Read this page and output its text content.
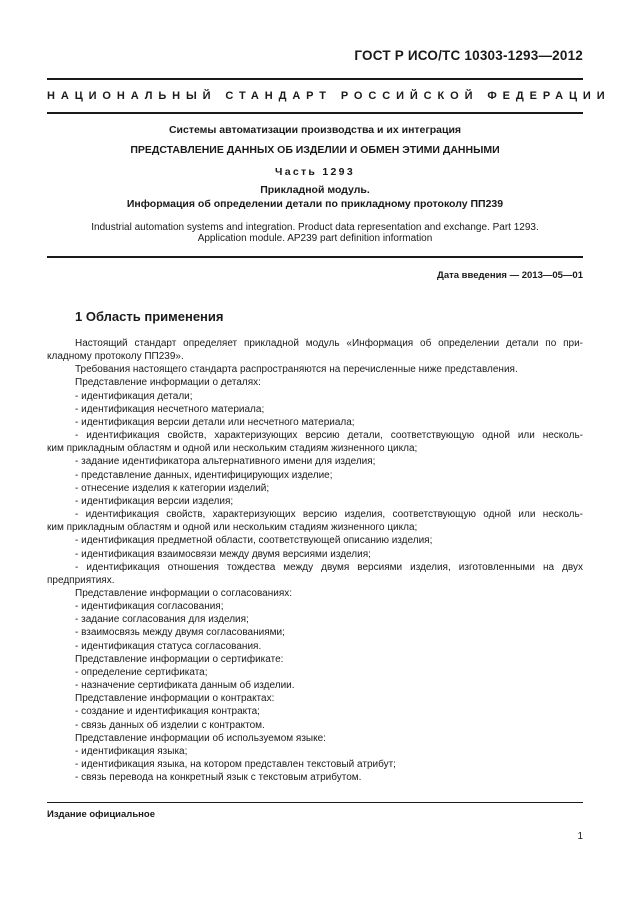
ГОСТ Р ИСО/ТС 10303-1293—2012
НАЦИОНАЛЬНЫЙ СТАНДАРТ РОССИЙСКОЙ ФЕДЕРАЦИИ
Системы автоматизации производства и их интеграция
ПРЕДСТАВЛЕНИЕ ДАННЫХ ОБ ИЗДЕЛИИ И ОБМЕН ЭТИМИ ДАННЫМИ
Часть 1293
Прикладной модуль.
Информация об определении детали по прикладному протоколу ПП239
Industrial automation systems and integration. Product data representation and exchange. Part 1293.
Application module. AP239 part definition information
Дата введения — 2013—05—01
1 Область применения
Настоящий стандарт определяет прикладной модуль «Информация об определении детали по при-
кладному протоколу ПП239».
Требования настоящего стандарта распространяются на перечисленные ниже представления.
Представление информации о деталях:
- идентификация детали;
- идентификация несчетного материала;
- идентификация версии детали или несчетного материала;
- идентификация свойств, характеризующих версию детали, соответствующую одной или несколь-
ким прикладным областям и одной или нескольким стадиям жизненного цикла;
- задание идентификатора альтернативного имени для изделия;
- представление данных, идентифицирующих изделие;
- отнесение изделия к категории изделий;
- идентификация версии изделия;
- идентификация свойств, характеризующих версию изделия, соответствующую одной или несколь-
ким прикладным областям и одной или нескольким стадиям жизненного цикла;
- идентификация предметной области, соответствующей описанию изделия;
- идентификация взаимосвязи между двумя версиями изделия;
- идентификация отношения тождества между двумя версиями изделия, изготовленными на двух
предприятиях.
Представление информации о согласованиях:
- идентификация согласования;
- задание согласования для изделия;
- взаимосвязь между двумя согласованиями;
- идентификация статуса согласования.
Представление информации о сертификате:
- определение сертификата;
- назначение сертификата данным об изделии.
Представление информации о контрактах:
- создание и идентификация контракта;
- связь данных об изделии с контрактом.
Представление информации об используемом языке:
- идентификация языка;
- идентификация языка, на котором представлен текстовый атрибут;
- связь перевода на конкретный язык с текстовым атрибутом.
Издание официальное
1
